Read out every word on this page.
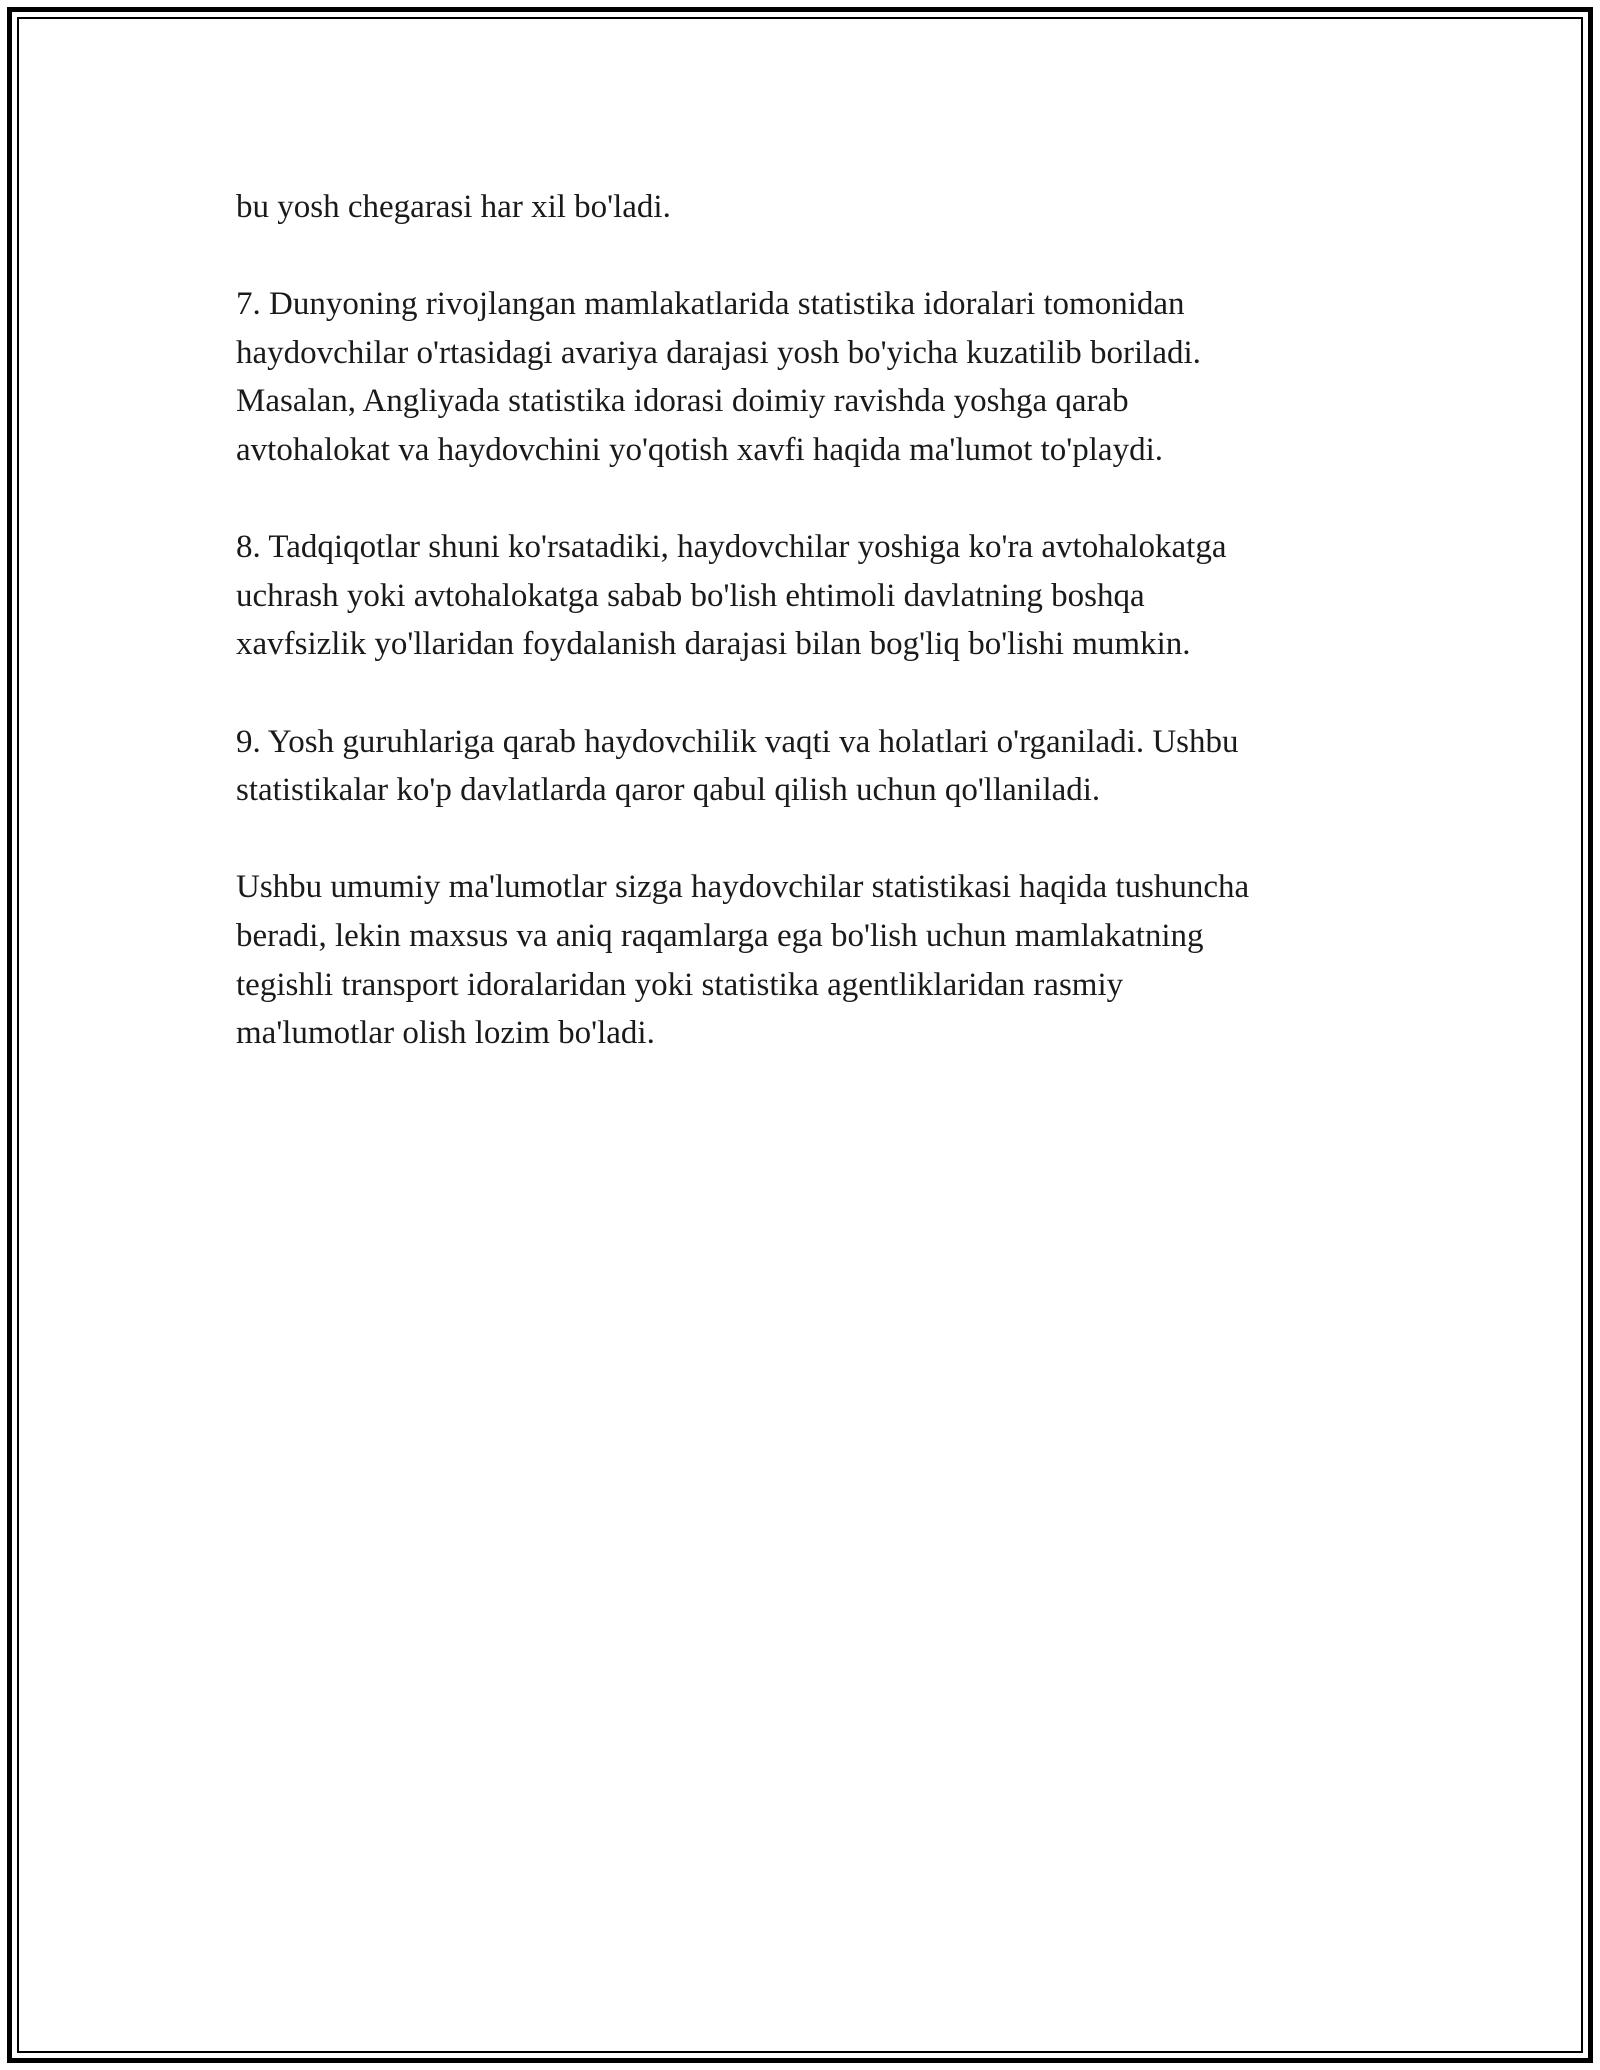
bu yosh chegarasi har xil bo'ladi.

7. Dunyoning rivojlangan mamlakatlarida statistika idoralari tomonidan
haydovchilar o'rtasidagi avariya darajasi yosh bo'yicha kuzatilib boriladi.
Masalan, Angliyada statistika idorasi doimiy ravishda yoshga qarab
avtohalokat va haydovchini yo'qotish xavfi haqida ma'lumot to'playdi.

8. Tadqiqotlar shuni ko'rsatadiki, haydovchilar yoshiga ko'ra avtohalokatga
uchrash yoki avtohalokatga sabab bo'lish ehtimoli davlatning boshqa
xavfsizlik yo'llaridan foydalanish darajasi bilan bog'liq bo'lishi mumkin.

9. Yosh guruhlariga qarab haydovchilik vaqti va holatlari o'rganiladi. Ushbu
statistikalar ko'p davlatlarda qaror qabul qilish uchun qo'llaniladi.

Ushbu umumiy ma'lumotlar sizga haydovchilar statistikasi haqida tushuncha
beradi, lekin maxsus va aniq raqamlarga ega bo'lish uchun mamlakatning
tegishli transport idoralaridan yoki statistika agentliklaridan rasmiy
ma'lumotlar olish lozim bo'ladi.
